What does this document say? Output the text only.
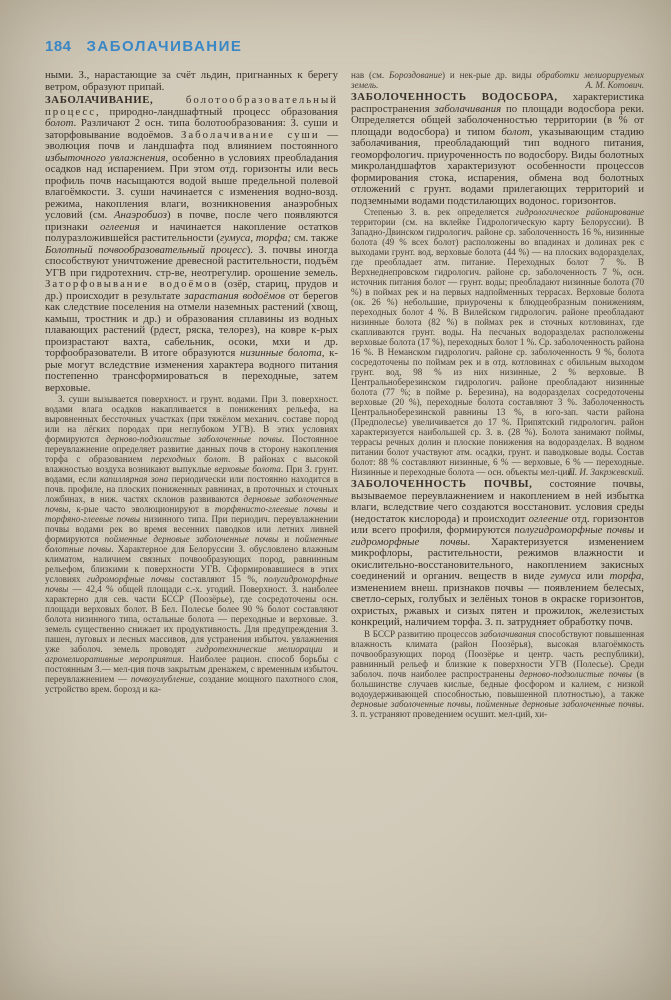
184 ЗАБОЛАЧИВАНИЕ

ными. З., нарастающие за счёт льдин, пригнанных к берегу ветром, образуют припай.

ЗАБОЛАЧИВАНИЕ, болотообразовательный процесс, природно-ландшафтный процесс образования болот. Различают 2 осн. типа болотообразования: З. суши и заторфовывание водоёмов. Заболачивание суши — эволюция почв и ландшафта под влиянием постоянного избыточного увлажнения, особенно в условиях преобладания осадков над испарением. При этом отд. горизонты или весь профиль почв насыщаются водой выше предельной полевой влагоёмкости. З. суши начинается с изменения водно-возд. режима, накопления влаги, возникновения анаэробных условий (см. Анаэробиоз) в почве, после чего появляются признаки оглеения и начинается накопление остатков полуразложившейся растительности (гумуса, торфа; см. также Болотный почвообразовательный процесс). З. почвы иногда способствуют уничтожение древесной растительности, подъём УГВ при гидротехнич. стр-ве, неотрегулир. орошение земель. Заторфовывание водоёмов (озёр, стариц, прудов и др.) происходит в результате зарастания водоёмов от берегов как следствие поселения на отмели наземных растений (хвощ, камыш, тростник и др.) и образования сплавины из водных плавающих растений (рдест, ряска, телорез), на ковре к-рых произрастают вахта, сабельник, осоки, мхи и др. торфообразователи. В итоге образуются низинные болота, к-рые могут вследствие изменения характера водного питания постепенно трансформироваться в переходные, затем верховые.

З. суши вызывается поверхност. и грунт. водами. При З. поверхност. водами влага осадков накапливается в понижениях рельефа, на выровненных бессточных участках (при тяжёлом механич. составе пород или на лёгких породах при неглубоком УГВ). В этих условиях формируются дерново-подзолистые заболоченные почвы. Постоянное переувлажнение определяет развитие данных почв в сторону накопления торфа с образованием переходных болот. В районах с высокой влажностью воздуха возникают выпуклые верховые болота. При З. грунт. водами, если капиллярная зона периодически или постоянно находится в почв. профиле, на плоских пониженных равнинах, в проточных и сточных ложбинах, в ниж. частях склонов развиваются дерновые заболоченные почвы, к-рые часто эволюционируют в торфянисто-глеевые почвы и торфяно-глеевые почвы низинного типа. При периодич. переувлажнении почвы водами рек во время весенних паводков или летних ливней формируются пойменные дерновые заболоченные почвы и пойменные болотные почвы. Характерное для Белоруссии З. обусловлено влажным климатом, наличием связных почвообразующих пород, равнинным рельефом, близкими к поверхности УГВ. Сформировавшиеся в этих условиях гидроморфные почвы составляют 15 %, полугидроморфные почвы — 42,4 % общей площади с.-х. угодий. Поверхност. З. наиболее характерно для сев. части БССР (Поозёрье), где сосредоточены осн. площади верховых болот. В Бел. Полесье более 90 % болот составляют болота низинного типа, остальные болота — переходные и верховые. З. земель существенно снижает их продуктивность. Для предупреждения З. пашен, луговых и лесных массивов, для устранения избыточ. увлажнения уже заболоч. земель проводят гидротехнические мелиорации и агромелиоративные мероприятия. Наиболее рацион. способ борьбы с постоянным З.— мел-ция почв закрытым дренажем, с временным избыточ. переувлажнением — почвоуглубление, создание мощного пахотного слоя, устройство врем. борозд и ка-

нав (см. Бороздование) и нек-рые др. виды обработки мелиорируемых земель.	А. М. Котович.

ЗАБОЛОЧЕННОСТЬ ВОДОСБОРА, характеристика распространения заболачивания по площади водосбора реки. Определяется общей заболоченностью территории (в % от площади водосбора) и типом болот, указывающим стадию заболачивания, преобладающий тип водного питания, геоморфологич. приуроченность по водосбору. Виды болотных микроландшафтов характеризуют особенности процессов формирования стока, испарения, обмена вод болотных отложений с грунт. водами прилегающих территорий и подземными водами подстилающих водонос. горизонтов.

Степенью З. в. рек определяется гидрологическое районирование территории (см. на вклейке Гидрологическую карту Белоруссии). В Западно-Двинском гидрологич. районе ср. заболоченность 16 %, низинные болота (49 % всех болот) расположены во впадинах и долинах рек с выходами грунт. вод, верховые болота (44 %) — на плоских водоразделах, где преобладает атм. питание. Переходных болот 7 %. В Верхнеднепровском гидрологич. районе ср. заболоченность 7 %, осн. источник питания болот — грунт. воды; преобладают низинные болота (70 %) в поймах рек и на первых надпойменных террасах. Верховые болота (ок. 26 %) небольшие, приурочены к блюдцеобразным понижениям, переходных болот 4 %. В Вилейском гидрологич. районе преобладают низинные болота (82 %) в поймах рек и сточных котловинах, где скапливаются грунт. воды. На песчаных водоразделах расположены верховые болота (17 %), переходных болот 1 %. Ср. заболоченность района 16 %. В Неманском гидрологич. районе ср. заболоченность 9 %, болота сосредоточены по поймам рек и в отд. котловинах с обильным выходом грунт. вод, 98 % из них низинные, 2 % верховые. В Центральноберезинском гидрологич. районе преобладают низинные болота (77 %; в пойме р. Березина), на водоразделах сосредоточены верховые (20 %), переходные болота составляют 3 %. Заболоченность Центральноберезинской равнины 13 %, в юго-зап. части района (Предполесье) увеличивается до 17 %. Припятский гидрологич. район характеризуется наибольшей ср. З. в. (28 %). Болота занимают поймы, террасы речных долин и плоские понижения на водоразделах. В водном питании болот участвуют атм. осадки, грунт. и паводковые воды. Состав болот: 88 % составляют низинные, 6 % — верховые, 6 % — переходные. Низинные и переходные болота — осн. объекты мел-ции.

П. И. Закржевский.

ЗАБОЛОЧЕННОСТЬ ПОЧВЫ, состояние почвы, вызываемое переувлажнением и накоплением в ней избытка влаги, вследствие чего создаются восстановит. условия среды (недостаток кислорода) и происходит оглеение отд. горизонтов или всего профиля, формируются полугидроморфные почвы и гидроморфные почвы. Характеризуется изменением микрофлоры, растительности, режимов влажности и окислительно-восстановительного, накоплением закисных соединений и органич. веществ в виде гумуса или торфа, изменением внеш. признаков почвы — появлением белесых, светло-серых, голубых и зелёных тонов в окраске горизонтов, охристых, ржавых и сизых пятен и прожилок, железистых конкреций, наличием торфа. З. п. затрудняет обработку почв.

В БССР развитию процессов заболачивания способствуют повышенная влажность климата (район Поозёрья), высокая влагоёмкость почвообразующих пород (Поозёрье и центр. часть республики), равнинный рельеф и близкие к поверхности УГВ (Полесье). Среди заболоч. почв наиболее распространены дерново-подзолистые почвы (в большинстве случаев кислые, бедные фосфором и калием, с низкой водоудерживающей способностью, повышенной плотностью), а также дерновые заболоченные почвы, пойменные дерновые заболоченные почвы. З. п. устраняют проведением осушит. мел-ций, хи-
